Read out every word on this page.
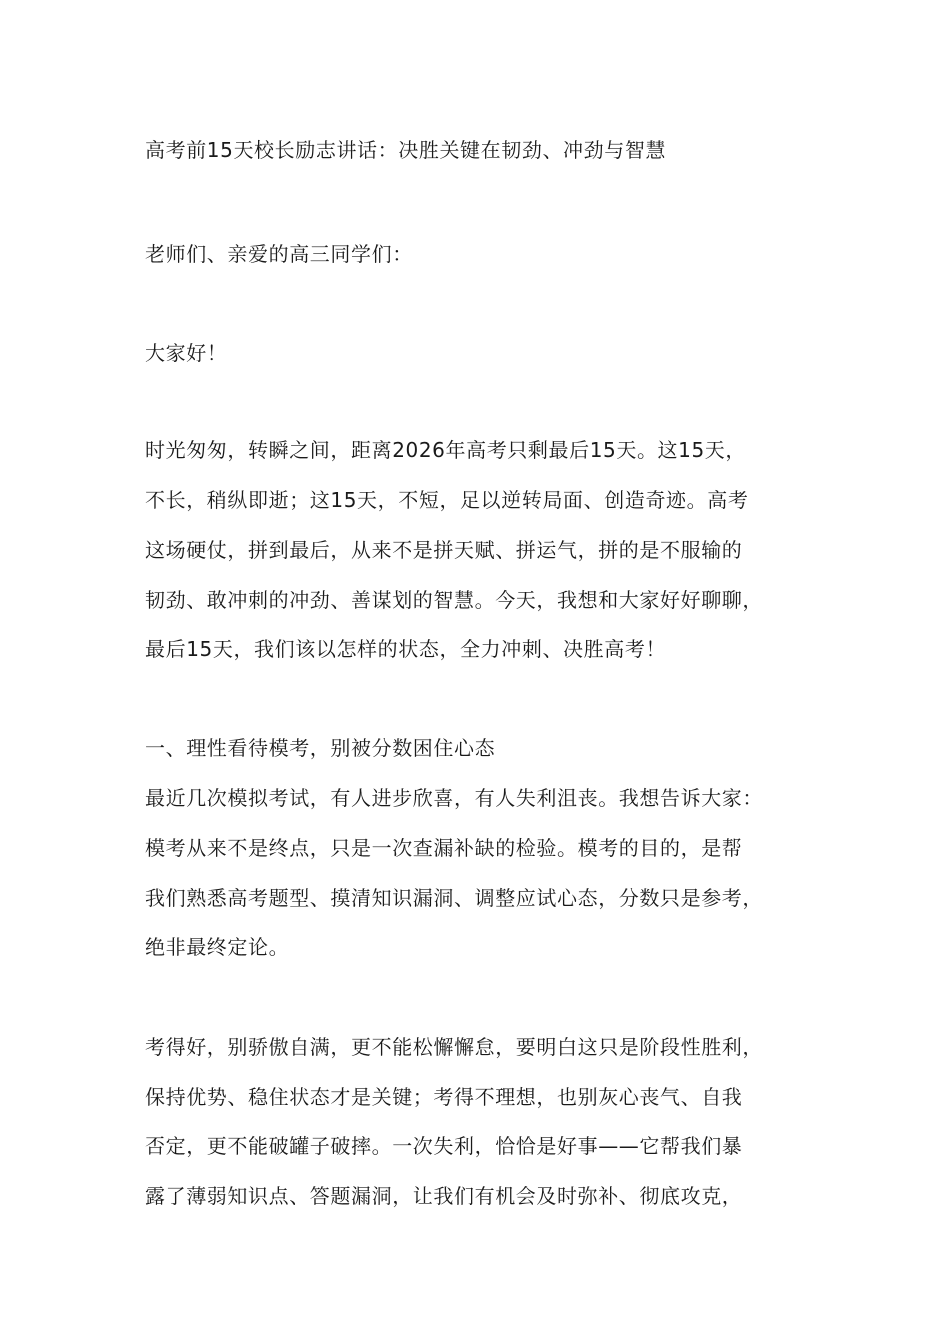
高考前15天校长励志讲话：决胜关键在韧劲、冲劲与智慧

老师们、亲爱的高三同学们：

大家好！

时光匆匆，转瞬之间，距离2026年高考只剩最后15天。这15天，

不长，稍纵即逝；这15天，不短，足以逆转局面、创造奇迹。高考

这场硬仗，拼到最后，从来不是拼天赋、拼运气，拼的是不服输的

韧劲、敢冲刺的冲劲、善谋划的智慧。今天，我想和大家好好聊聊，

最后15天，我们该以怎样的状态，全力冲刺、决胜高考！

一、理性看待模考，别被分数困住心态

最近几次模拟考试，有人进步欣喜，有人失利沮丧。我想告诉大家：

模考从来不是终点，只是一次查漏补缺的检验。模考的目的，是帮

我们熟悉高考题型、摸清知识漏洞、调整应试心态，分数只是参考，

绝非最终定论。

考得好，别骄傲自满，更不能松懈懈怠，要明白这只是阶段性胜利，

保持优势、稳住状态才是关键；考得不理想，也别灰心丧气、自我

否定，更不能破罐子破摔。一次失利，恰恰是好事——它帮我们暴

露了薄弱知识点、答题漏洞，让我们有机会及时弥补、彻底攻克，
